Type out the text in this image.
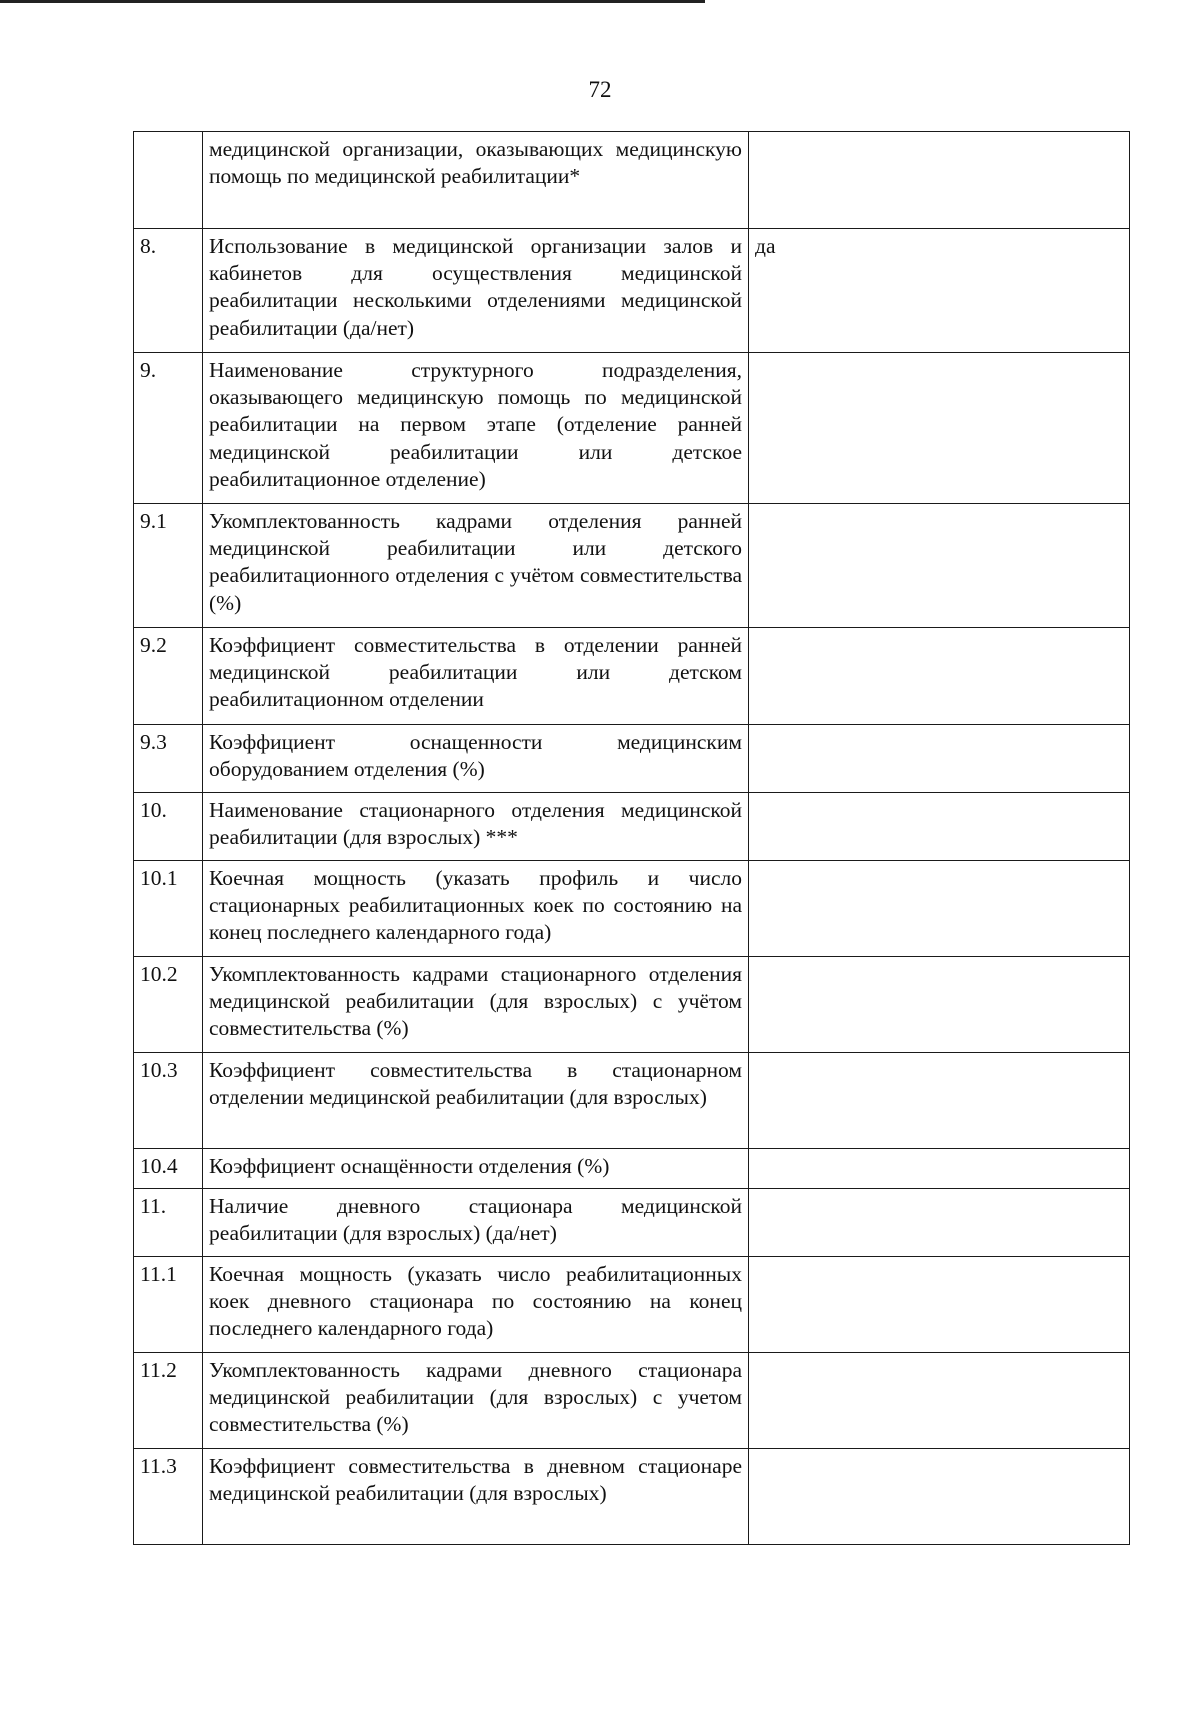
72
	медицинской организации, оказывающих медицинскую помощь по медицинской реабилитации*	
8.	Использование в медицинской организации залов и кабинетов для осуществления медицинской реабилитации несколькими отделениями медицинской реабилитации (да/нет)	да
9.	Наименование структурного подразделения, оказывающего медицинскую помощь по медицинской реабилитации на первом этапе (отделение ранней медицинской реабилитации или детское реабилитационное отделение)	
9.1	Укомплектованность кадрами отделения ранней медицинской реабилитации или детского реабилитационного отделения с учётом совместительства (%)	
9.2	Коэффициент совместительства в отделении ранней медицинской реабилитации или детском реабилитационном отделении	
9.3	Коэффициент оснащенности медицинским оборудованием отделения (%)	
10.	Наименование стационарного отделения медицинской реабилитации (для взрослых) ***	
10.1	Коечная мощность (указать профиль и число стационарных реабилитационных коек по состоянию на конец последнего календарного года)	
10.2	Укомплектованность кадрами стационарного отделения медицинской реабилитации (для взрослых) с учётом совместительства (%)	
10.3	Коэффициент совместительства в стационарном отделении медицинской реабилитации (для взрослых)	
10.4	Коэффициент оснащённости отделения (%)	
11.	Наличие дневного стационара медицинской реабилитации (для взрослых) (да/нет)	
11.1	Коечная мощность (указать число реабилитационных коек дневного стационара по состоянию на конец последнего календарного года)	
11.2	Укомплектованность кадрами дневного стационара медицинской реабилитации (для взрослых) с учетом совместительства (%)	
11.3	Коэффициент совместительства в дневном стационаре медицинской реабилитации (для взрослых)	
